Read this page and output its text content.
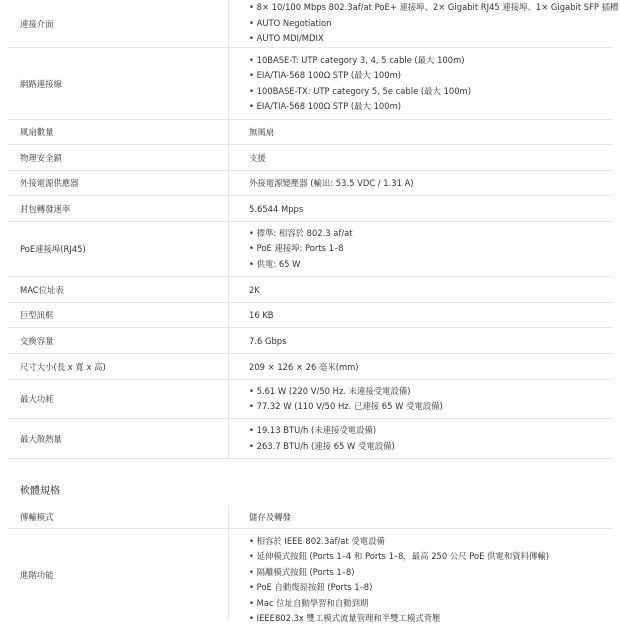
連接介面
• 8× 10/100 Mbps 802.3af/at PoE+ 連接埠、2× Gigabit RJ45 連接埠、1× Gigabit SFP 插槽
• AUTO Negotiation
• AUTO MDI/MDIX
網路連接線
• 10BASE-T: UTP category 3, 4, 5 cable (最大 100m)
• EIA/TIA-568 100Ω STP (最大 100m)
• 100BASE-TX: UTP category 5, 5e cable (最大 100m)
• EIA/TIA-568 100Ω STP (最大 100m)
風扇數量	無風扇
物理安全鎖	支援
外接電源供應器	外接電源變壓器 (輸出: 53.5 VDC / 1.31 A)
封包轉發速率	5.6544 Mpps
PoE連接埠(RJ45)
• 標準: 相容於 802.3 af/at
• PoE 連接埠: Ports 1–8
• 供電: 65 W
MAC位址表	2K
巨型訊框	16 KB
交換容量	7.6 Gbps
尺寸大小(長 x 寬 x 高)	209 × 126 × 26 毫米(mm)
最大功耗
• 5.61 W (220 V/50 Hz. 未連接受電設備)
• 77.32 W (110 V/50 Hz. 已連接 65 W 受電設備)
最大散熱量
• 19.13 BTU/h (未連接受電設備)
• 263.7 BTU/h (連接 65 W 受電設備)
軟體規格
傳輸模式	儲存及轉發
進階功能
• 相容於 IEEE 802.3af/at 受電設備
• 延伸模式按鈕 (Ports 1–4 和 Ports 1–8，最高 250 公尺 PoE 供電和資料傳輸)
• 隔離模式按鈕 (Ports 1–8)
• PoE 自動復原按鈕 (Ports 1–8)
• Mac 位址自動學習和自動到期
• IEEE802.3x 雙工模式流量管理和半雙工模式背壓
